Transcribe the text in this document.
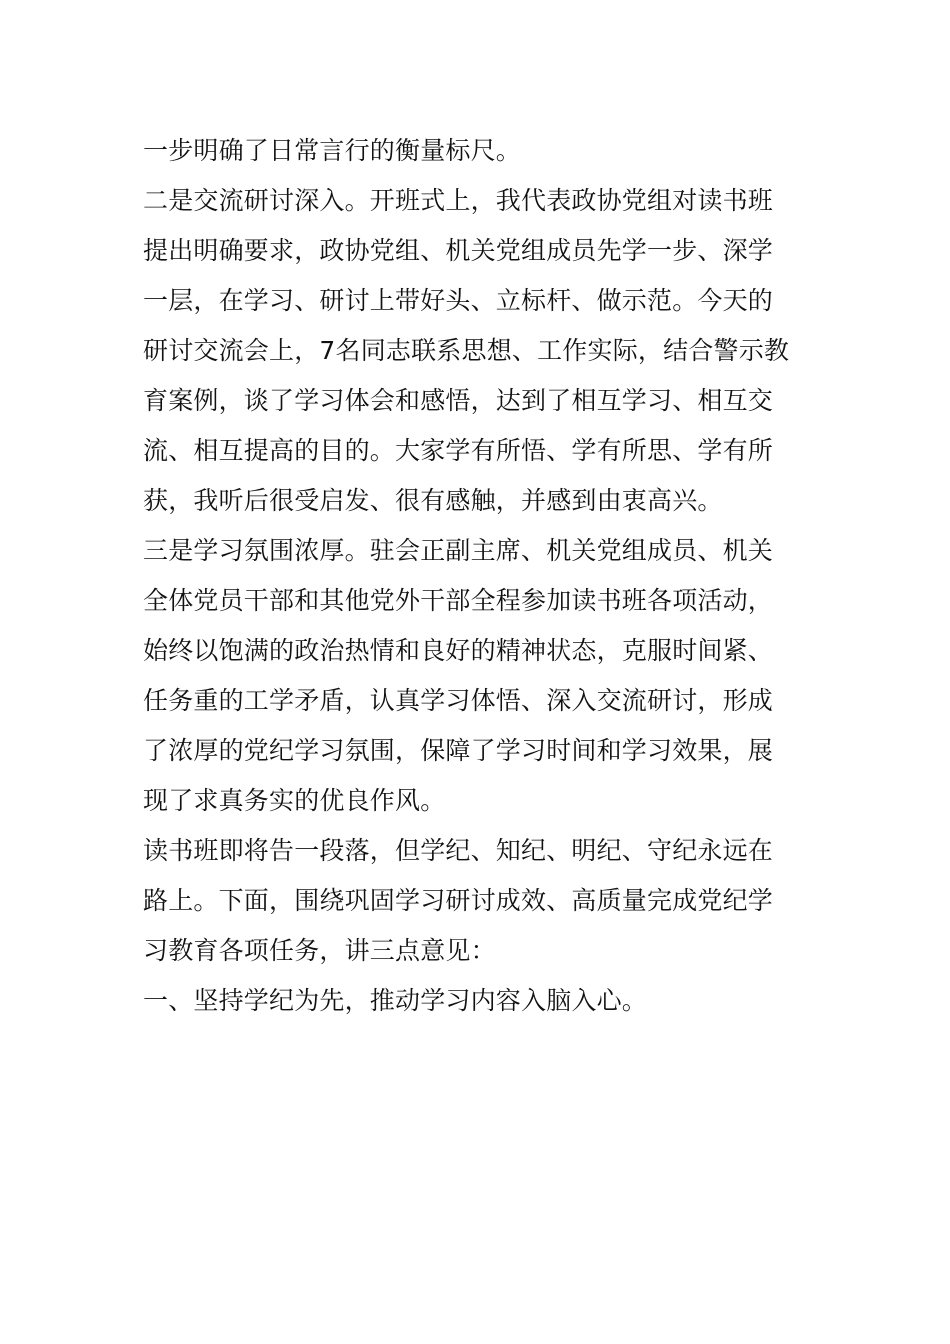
一步明确了日常言行的衡量标尺。
二是交流研讨深入。开班式上，我代表政协党组对读书班
提出明确要求，政协党组、机关党组成员先学一步、深学
一层，在学习、研讨上带好头、立标杆、做示范。今天的
研讨交流会上，7名同志联系思想、工作实际，结合警示教
育案例，谈了学习体会和感悟，达到了相互学习、相互交
流、相互提高的目的。大家学有所悟、学有所思、学有所
获，我听后很受启发、很有感触，并感到由衷高兴。
三是学习氛围浓厚。驻会正副主席、机关党组成员、机关
全体党员干部和其他党外干部全程参加读书班各项活动，
始终以饱满的政治热情和良好的精神状态，克服时间紧、
任务重的工学矛盾，认真学习体悟、深入交流研讨，形成
了浓厚的党纪学习氛围，保障了学习时间和学习效果，展
现了求真务实的优良作风。
读书班即将告一段落，但学纪、知纪、明纪、守纪永远在
路上。下面，围绕巩固学习研讨成效、高质量完成党纪学
习教育各项任务，讲三点意见：
一、坚持学纪为先，推动学习内容入脑入心。
